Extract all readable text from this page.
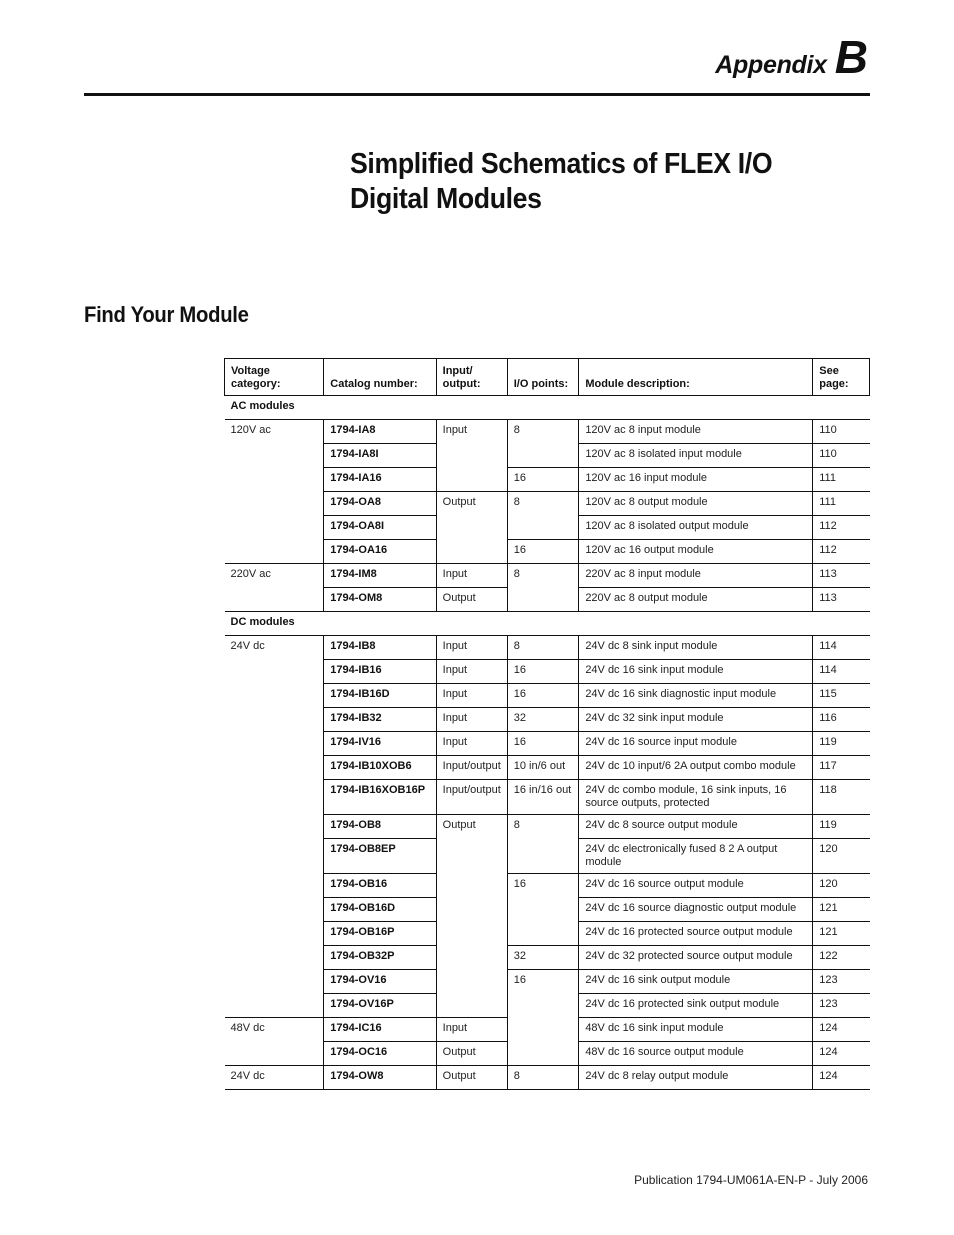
Appendix B
Simplified Schematics of FLEX I/O Digital Modules
Find Your Module
Voltage category:	Catalog number:	Input/ output:	I/O points:	Module description:	See page:
AC modules					
120V ac	1794-IA8	Input	8	120V ac 8 input module	110
	1794-IA8I			120V ac 8 isolated input module	110
	1794-IA16		16	120V ac 16 input module	111
	1794-OA8	Output	8	120V ac 8 output module	111
	1794-OA8I			120V ac 8 isolated output module	112
	1794-OA16		16	120V ac 16 output module	112
220V ac	1794-IM8	Input	8	220V ac 8 input module	113
	1794-OM8	Output		220V ac 8 output module	113
DC modules					
24V dc	1794-IB8	Input	8	24V dc 8 sink input module	114
	1794-IB16	Input	16	24V dc 16 sink input module	114
	1794-IB16D	Input	16	24V dc 16 sink diagnostic input module	115
	1794-IB32	Input	32	24V dc 32 sink input module	116
	1794-IV16	Input	16	24V dc 16 source input module	119
	1794-IB10XOB6	Input/output	10 in/6 out	24V dc 10 input/6 2A output combo module	117
	1794-IB16XOB16P	Input/output	16 in/16 out	24V dc combo module, 16 sink inputs, 16 source outputs, protected	118
	1794-OB8	Output	8	24V dc 8 source output module	119
	1794-OB8EP			24V dc electronically fused 8 2 A output module	120
	1794-OB16		16	24V dc 16 source output module	120
	1794-OB16D			24V dc 16 source diagnostic output module	121
	1794-OB16P			24V dc 16 protected source output module	121
	1794-OB32P		32	24V dc 32 protected source output module	122
	1794-OV16		16	24V dc 16 sink output module	123
	1794-OV16P			24V dc 16 protected sink output module	123
48V dc	1794-IC16	Input		48V dc 16 sink input module	124
	1794-OC16	Output		48V dc 16 source output module	124
24V dc	1794-OW8	Output	8	24V dc 8 relay output module	124
Publication 1794-UM061A-EN-P - July 2006
